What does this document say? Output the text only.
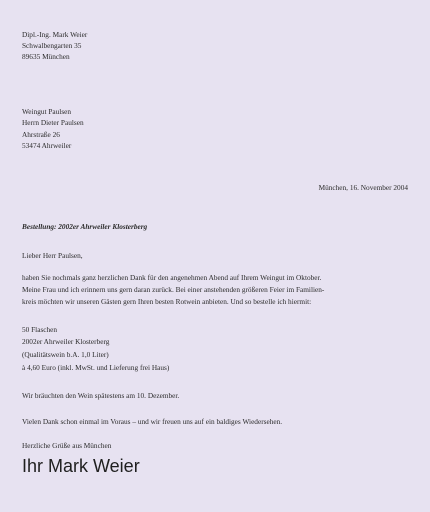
Dipl.-Ing. Mark Weier
Schwalbengarten 35
89635 München
Weingut Paulsen
Herrn Dieter Paulsen
Ahrstraße 26
53474 Ahrweiler
München, 16. November 2004
Bestellung: 2002er Ahrweiler Klosterberg
Lieber Herr Paulsen,
haben Sie nochmals ganz herzlichen Dank für den angenehmen Abend auf Ihrem Weingut im Oktober.
Meine Frau und ich erinnern uns gern daran zurück. Bei einer anstehenden größeren Feier im Familien-
kreis möchten wir unseren Gästen gern Ihren besten Rotwein anbieten. Und so bestelle ich hiermit:
50 Flaschen
2002er Ahrweiler Klosterberg
(Qualitätswein b.A. 1,0 Liter)
à 4,60 Euro (inkl. MwSt. und Lieferung frei Haus)
Wir bräuchten den Wein spätestens am 10. Dezember.
Vielen Dank schon einmal im Voraus – und wir freuen uns auf ein baldiges Wiedersehen.
Herzliche Grüße aus München
Ihr Mark Weier
